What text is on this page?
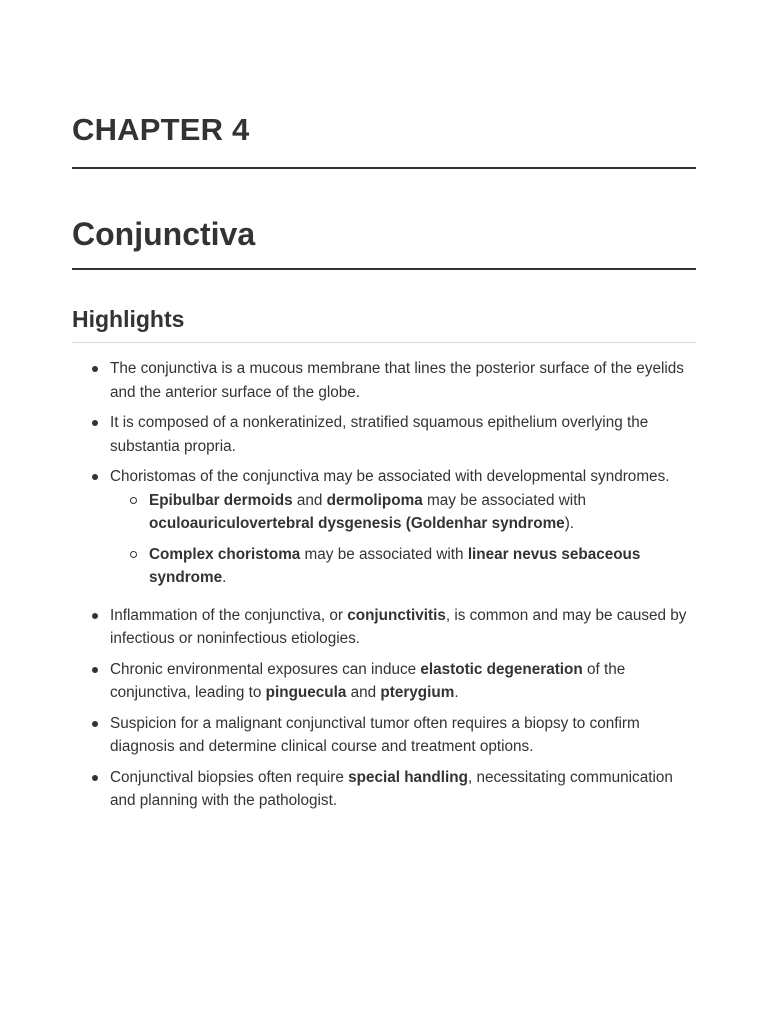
CHAPTER 4
Conjunctiva
Highlights
The conjunctiva is a mucous membrane that lines the posterior surface of the eyelids and the anterior surface of the globe.
It is composed of a nonkeratinized, stratified squamous epithelium overlying the substantia propria.
Choristomas of the conjunctiva may be associated with developmental syndromes.
Epibulbar dermoids and dermolipoma may be associated with oculoauriculovertebral dysgenesis (Goldenhar syndrome).
Complex choristoma may be associated with linear nevus sebaceous syndrome.
Inflammation of the conjunctiva, or conjunctivitis, is common and may be caused by infectious or noninfectious etiologies.
Chronic environmental exposures can induce elastotic degeneration of the conjunctiva, leading to pinguecula and pterygium.
Suspicion for a malignant conjunctival tumor often requires a biopsy to confirm diagnosis and determine clinical course and treatment options.
Conjunctival biopsies often require special handling, necessitating communication and planning with the pathologist.
